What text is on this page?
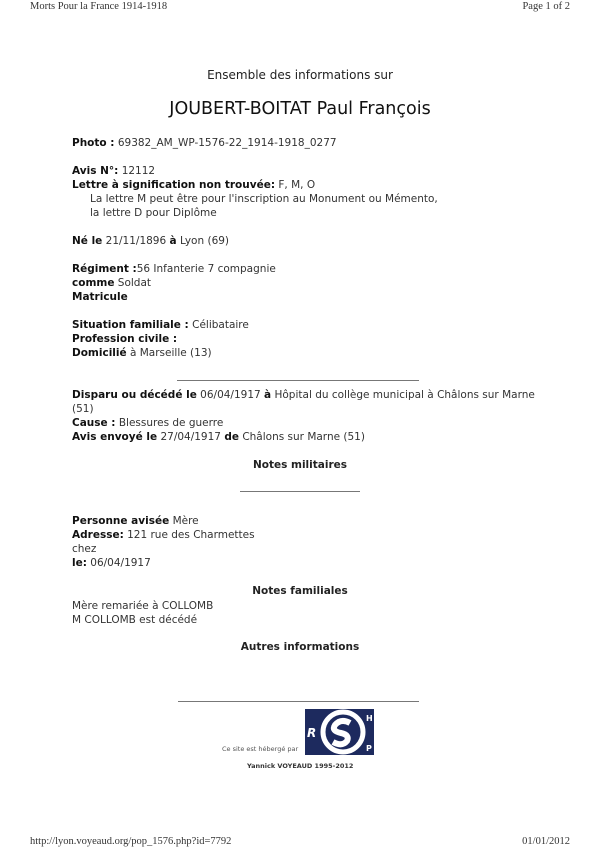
Morts Pour la France 1914-1918	Page 1 of 2
Ensemble des informations sur
JOUBERT-BOITAT Paul François
Photo : 69382_AM_WP-1576-22_1914-1918_0277
Avis N°: 12112
Lettre à signification non trouvée: F, M, O
La lettre M peut être pour l'inscription au Monument ou Mémento,
la lettre D pour Diplôme
Né le 21/11/1896 à Lyon (69)
Régiment :56 Infanterie 7 compagnie
comme Soldat
Matricule
Situation familiale : Célibataire
Profession civile :
Domicilié à Marseille (13)
Disparu ou décédé le 06/04/1917 à Hôpital du collège municipal à Châlons sur Marne
(51)
Cause : Blessures de guerre
Avis envoyé le 27/04/1917 de Châlons sur Marne (51)
Personne avisée Mère
Adresse: 121 rue des Charmettes
chez
le: 06/04/1917
Mère remariée à COLLOMB
M COLLOMB est décédé
Notes militaires
Notes familiales
Autres informations
Ce site est hébergé par
R
H
P
Yannick VOYEAUD 1995-2012
http://lyon.voyeaud.org/pop_1576.php?id=7792	01/01/2012
